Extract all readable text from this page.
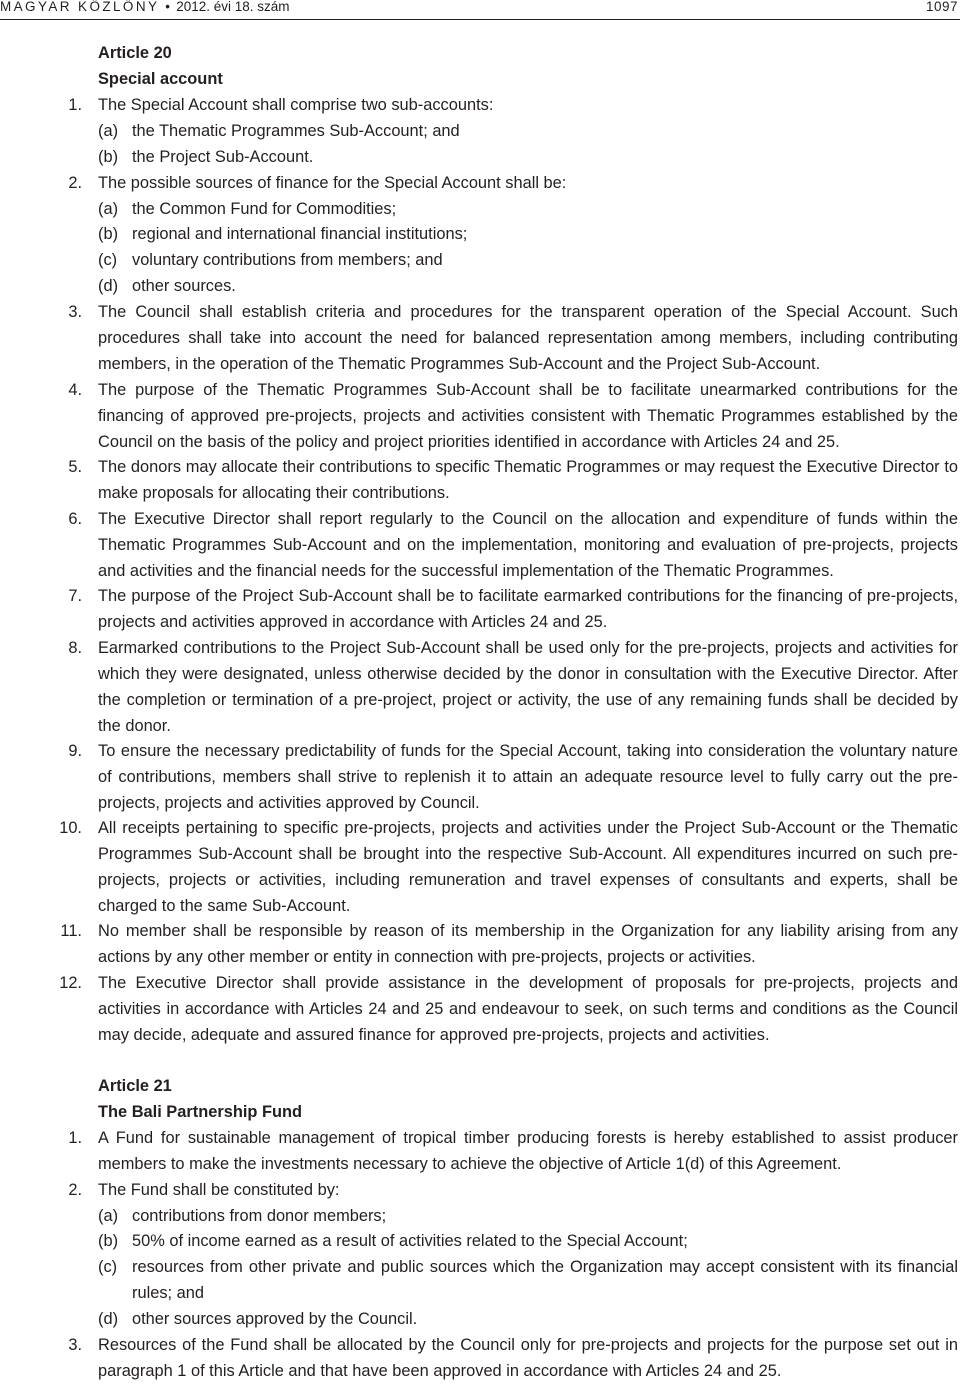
MAGYAR KÖZLÖNY • 2012. évi 18. szám	1097
Article 20
Special account
1. The Special Account shall comprise two sub-accounts:
(a) the Thematic Programmes Sub-Account; and
(b) the Project Sub-Account.
2. The possible sources of finance for the Special Account shall be:
(a) the Common Fund for Commodities;
(b) regional and international financial institutions;
(c) voluntary contributions from members; and
(d) other sources.
3. The Council shall establish criteria and procedures for the transparent operation of the Special Account. Such procedures shall take into account the need for balanced representation among members, including contributing members, in the operation of the Thematic Programmes Sub-Account and the Project Sub-Account.
4. The purpose of the Thematic Programmes Sub-Account shall be to facilitate unearmarked contributions for the financing of approved pre-projects, projects and activities consistent with Thematic Programmes established by the Council on the basis of the policy and project priorities identified in accordance with Articles 24 and 25.
5. The donors may allocate their contributions to specific Thematic Programmes or may request the Executive Director to make proposals for allocating their contributions.
6. The Executive Director shall report regularly to the Council on the allocation and expenditure of funds within the Thematic Programmes Sub-Account and on the implementation, monitoring and evaluation of pre-projects, projects and activities and the financial needs for the successful implementation of the Thematic Programmes.
7. The purpose of the Project Sub-Account shall be to facilitate earmarked contributions for the financing of pre-projects, projects and activities approved in accordance with Articles 24 and 25.
8. Earmarked contributions to the Project Sub-Account shall be used only for the pre-projects, projects and activities for which they were designated, unless otherwise decided by the donor in consultation with the Executive Director. After the completion or termination of a pre-project, project or activity, the use of any remaining funds shall be decided by the donor.
9. To ensure the necessary predictability of funds for the Special Account, taking into consideration the voluntary nature of contributions, members shall strive to replenish it to attain an adequate resource level to fully carry out the pre-projects, projects and activities approved by Council.
10. All receipts pertaining to specific pre-projects, projects and activities under the Project Sub-Account or the Thematic Programmes Sub-Account shall be brought into the respective Sub-Account. All expenditures incurred on such pre-projects, projects or activities, including remuneration and travel expenses of consultants and experts, shall be charged to the same Sub-Account.
11. No member shall be responsible by reason of its membership in the Organization for any liability arising from any actions by any other member or entity in connection with pre-projects, projects or activities.
12. The Executive Director shall provide assistance in the development of proposals for pre-projects, projects and activities in accordance with Articles 24 and 25 and endeavour to seek, on such terms and conditions as the Council may decide, adequate and assured finance for approved pre-projects, projects and activities.
Article 21
The Bali Partnership Fund
1. A Fund for sustainable management of tropical timber producing forests is hereby established to assist producer members to make the investments necessary to achieve the objective of Article 1(d) of this Agreement.
2. The Fund shall be constituted by:
(a) contributions from donor members;
(b) 50% of income earned as a result of activities related to the Special Account;
(c) resources from other private and public sources which the Organization may accept consistent with its financial rules; and
(d) other sources approved by the Council.
3. Resources of the Fund shall be allocated by the Council only for pre-projects and projects for the purpose set out in paragraph 1 of this Article and that have been approved in accordance with Articles 24 and 25.
